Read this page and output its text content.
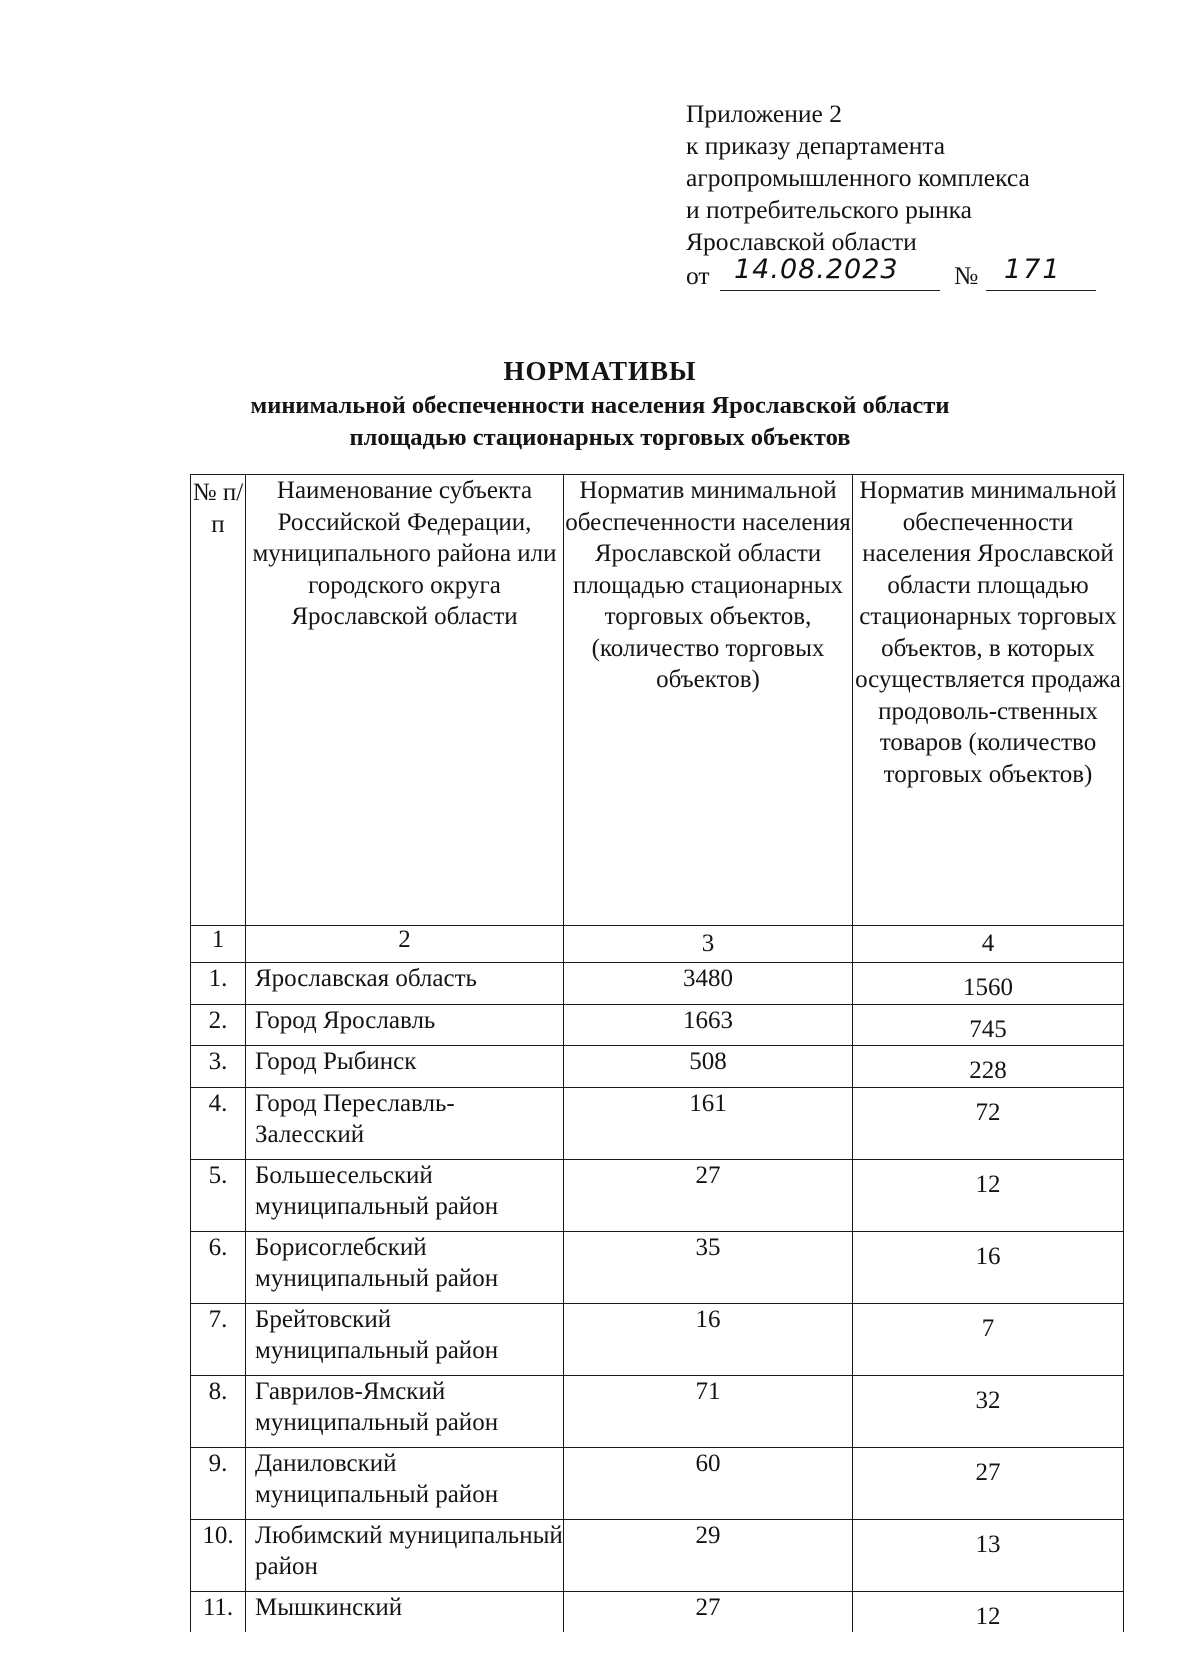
Приложение 2
к приказу департамента
агропромышленного комплекса
и потребительского рынка
Ярославской области
от 14.08.2023 № 171
НОРМАТИВЫ
минимальной обеспеченности населения Ярославской области
площадью стационарных торговых объектов
№ п/п	Наименование субъекта Российской Федерации, муниципального района или городского округа Ярославской области	Норматив минимальной обеспеченности населения Ярославской области площадью стационарных торговых объектов, (количество торговых объектов)	Норматив минимальной обеспеченности населения Ярославской области площадью стационарных торговых объектов, в которых осуществляется продажа продоволь-ственных товаров (количество торговых объектов)
1	2	3	4
1.	Ярославская область	3480	1560
2.	Город Ярославль	1663	745
3.	Город Рыбинск	508	228
4.	Город Переславль-Залесский	161	72
5.	Большесельский муниципальный район	27	12
6.	Борисоглебский муниципальный район	35	16
7.	Брейтовский муниципальный район	16	7
8.	Гаврилов-Ямский муниципальный район	71	32
9.	Даниловский муниципальный район	60	27
10.	Любимский муниципальный район	29	13
11.	Мышкинский	27	12
